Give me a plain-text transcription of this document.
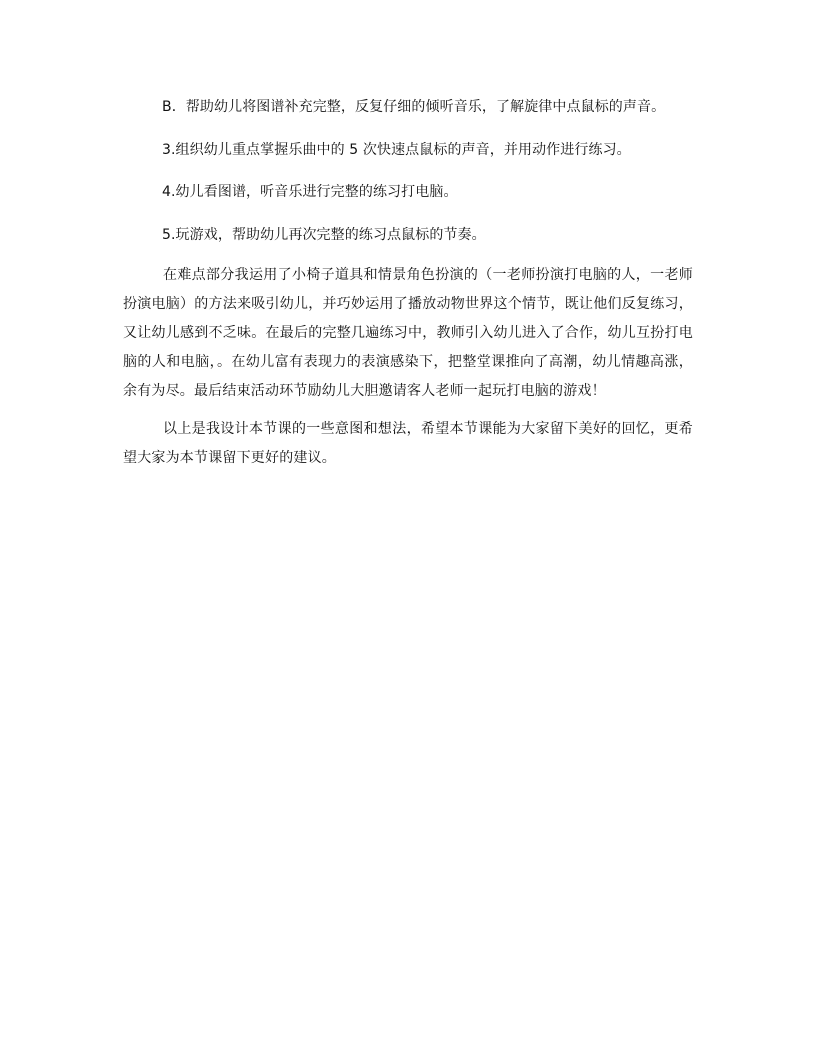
B．帮助幼儿将图谱补充完整，反复仔细的倾听音乐，了解旋律中点鼠标的声音。

3.组织幼儿重点掌握乐曲中的 5 次快速点鼠标的声音，并用动作进行练习。

4.幼儿看图谱，听音乐进行完整的练习打电脑。

5.玩游戏，帮助幼儿再次完整的练习点鼠标的节奏。

在难点部分我运用了小椅子道具和情景角色扮演的（一老师扮演打电脑的人，一老师扮演电脑）的方法来吸引幼儿，并巧妙运用了播放动物世界这个情节，既让他们反复练习，又让幼儿感到不乏味。在最后的完整几遍练习中，教师引入幼儿进入了合作，幼儿互扮打电脑的人和电脑，。在幼儿富有表现力的表演感染下，把整堂课推向了高潮，幼儿情趣高涨，余有为尽。最后结束活动环节励幼儿大胆邀请客人老师一起玩打电脑的游戏！

以上是我设计本节课的一些意图和想法，希望本节课能为大家留下美好的回忆，更希望大家为本节课留下更好的建议。
